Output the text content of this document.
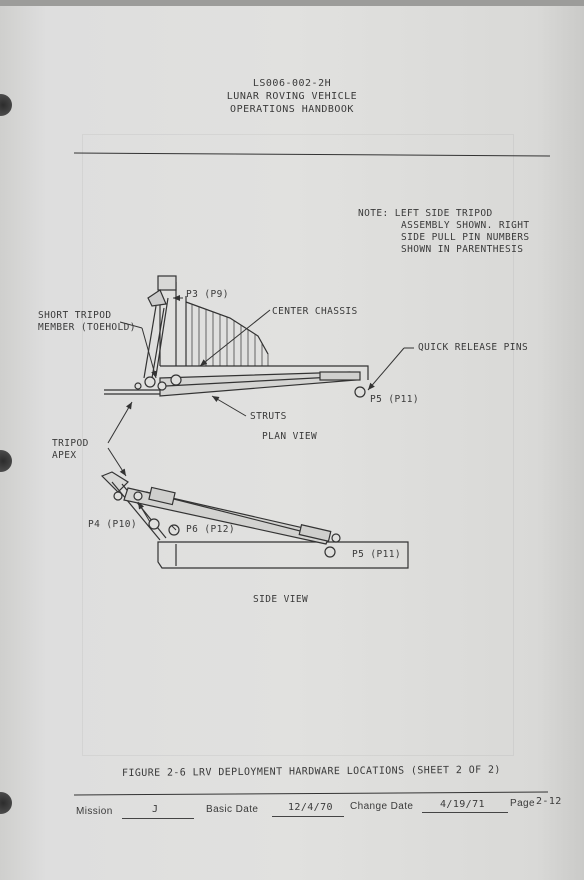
LS006-002-2H
LUNAR ROVING VEHICLE
OPERATIONS HANDBOOK
NOTE: LEFT SIDE TRIPOD
ASSEMBLY SHOWN. RIGHT
SIDE PULL PIN NUMBERS
SHOWN IN PARENTHESIS
P3 (P9)
SHORT TRIPOD
MEMBER (TOEHOLD)
CENTER CHASSIS
QUICK RELEASE PINS
P5 (P11)
STRUTS
PLAN VIEW
TRIPOD
APEX
P4 (P10)	P6 (P12)
P5 (P11)
SIDE VIEW
FIGURE 2-6 LRV DEPLOYMENT HARDWARE LOCATIONS (SHEET 2 OF 2)
Mission	J	Basic Date	12/4/70 Change Date	4/19/71	Page 2-12
